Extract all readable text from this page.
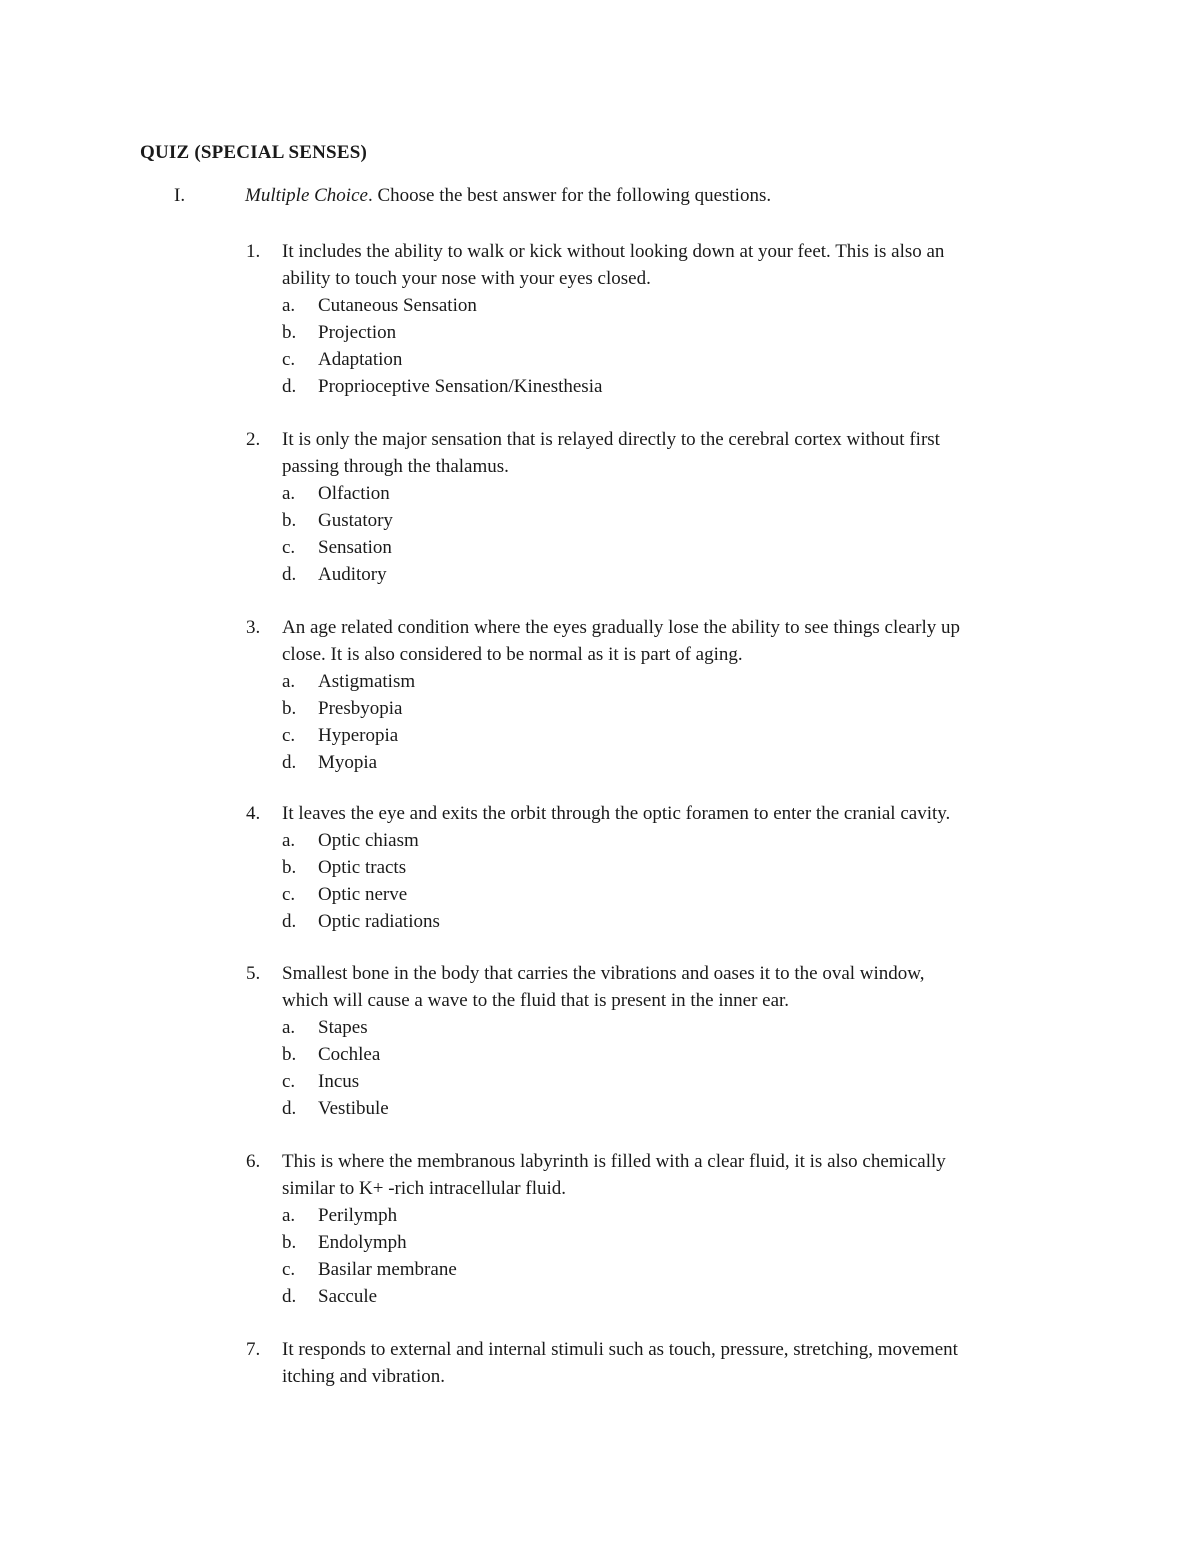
QUIZ (SPECIAL SENSES)
I.	Multiple Choice. Choose the best answer for the following questions.
1. It includes the ability to walk or kick without looking down at your feet. This is also an
ability to touch your nose with your eyes closed.
a. Cutaneous Sensation
b. Projection
c. Adaptation
d. Proprioceptive Sensation/Kinesthesia
2. It is only the major sensation that is relayed directly to the cerebral cortex without first
passing through the thalamus.
a. Olfaction
b. Gustatory
c. Sensation
d. Auditory
3. An age related condition where the eyes gradually lose the ability to see things clearly up
close. It is also considered to be normal as it is part of aging.
a. Astigmatism
b. Presbyopia
c. Hyperopia
d. Myopia
4. It leaves the eye and exits the orbit through the optic foramen to enter the cranial cavity.
a. Optic chiasm
b. Optic tracts
c. Optic nerve
d. Optic radiations
5. Smallest bone in the body that carries the vibrations and oases it to the oval window,
which will cause a wave to the fluid that is present in the inner ear.
a. Stapes
b. Cochlea
c. Incus
d. Vestibule
6. This is where the membranous labyrinth is filled with a clear fluid, it is also chemically
similar to K+ -rich intracellular fluid.
a. Perilymph
b. Endolymph
c. Basilar membrane
d. Saccule
7. It responds to external and internal stimuli such as touch, pressure, stretching, movement
itching and vibration.
